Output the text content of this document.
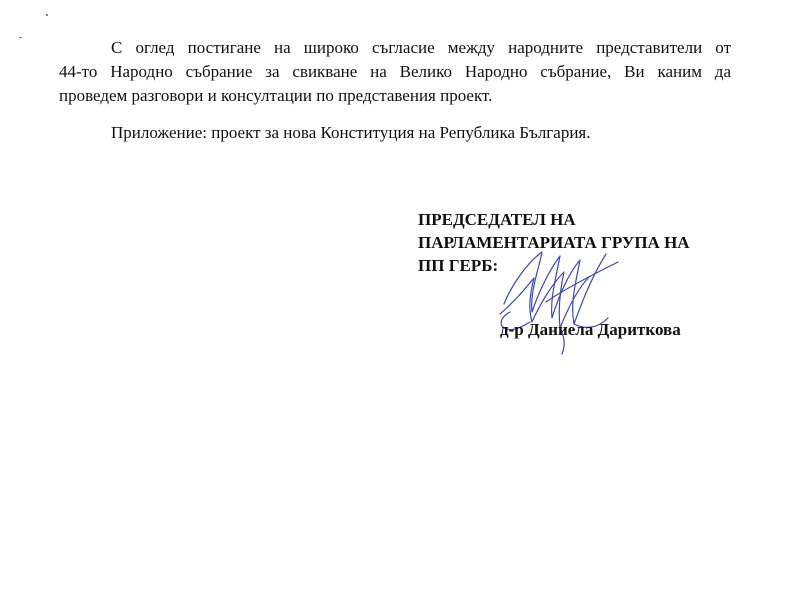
С оглед постигане на широко съгласие между народните представители от
44-то Народно събрание за свикване на Велико Народно събрание, Ви каним да
проведем разговори и консултации по представения проект.

Приложение: проект за нова Конституция на Република България.
ПРЕДСЕДАТЕЛ НА
ПАРЛАМЕНТАРИАТА ГРУПА НА
ПП ГЕРБ:
д-р Даниела Дариткова
